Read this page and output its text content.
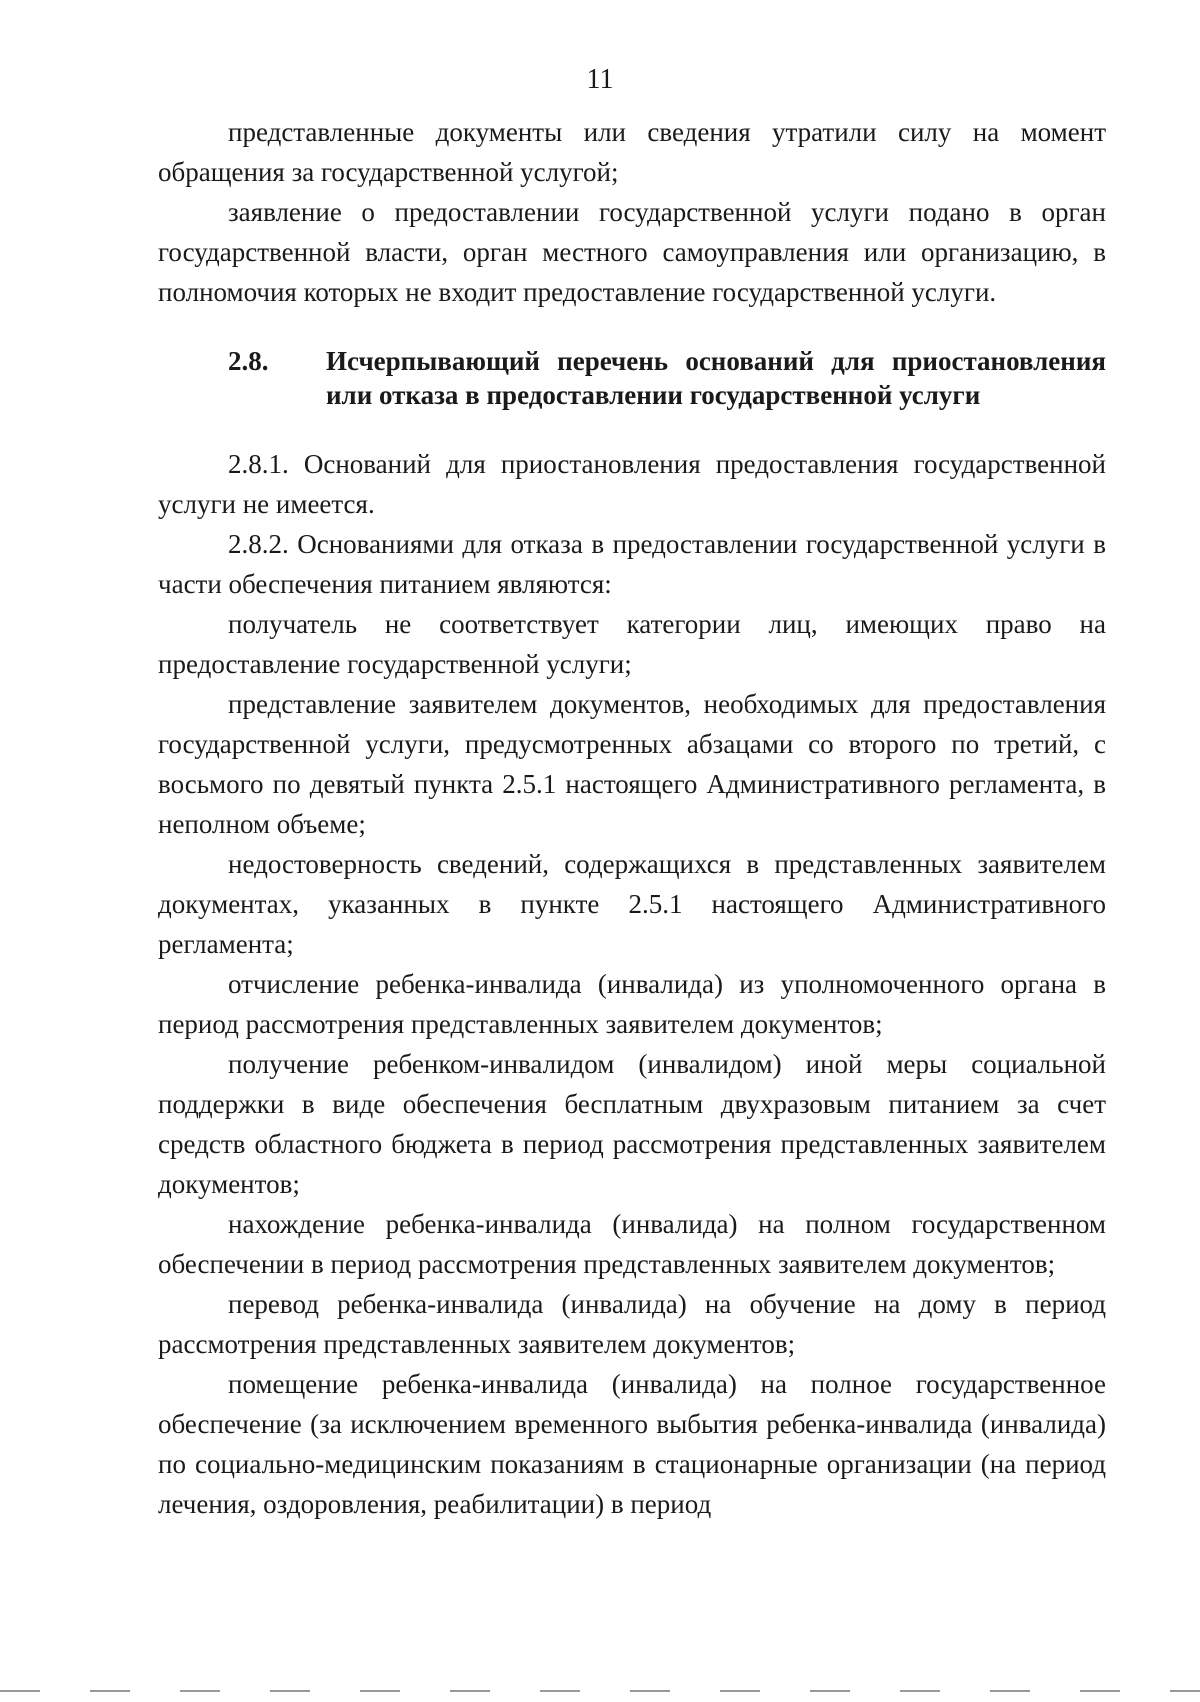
11

представленные документы или сведения утратили силу на момент обращения за государственной услугой;

заявление о предоставлении государственной услуги подано в орган государственной власти, орган местного самоуправления или организацию, в полномочия которых не входит предоставление государственной услуги.

2.8.	Исчерпывающий перечень оснований для приостановления или отказа в предоставлении государственной услуги

2.8.1. Оснований для приостановления предоставления государственной услуги не имеется.

2.8.2. Основаниями для отказа в предоставлении государственной услуги в части обеспечения питанием являются:

получатель не соответствует категории лиц, имеющих право на предоставление государственной услуги;

представление заявителем документов, необходимых для предоставления государственной услуги, предусмотренных абзацами со второго по третий, с восьмого по девятый пункта 2.5.1 настоящего Административного регламента, в неполном объеме;

недостоверность сведений, содержащихся в представленных заявителем документах, указанных в пункте 2.5.1 настоящего Административного регламента;

отчисление ребенка-инвалида (инвалида) из уполномоченного органа в период рассмотрения представленных заявителем документов;

получение ребенком-инвалидом (инвалидом) иной меры социальной поддержки в виде обеспечения бесплатным двухразовым питанием за счет средств областного бюджета в период рассмотрения представленных заявителем документов;

нахождение ребенка-инвалида (инвалида) на полном государственном обеспечении в период рассмотрения представленных заявителем документов;

перевод ребенка-инвалида (инвалида) на обучение на дому в период рассмотрения представленных заявителем документов;

помещение ребенка-инвалида (инвалида) на полное государственное обеспечение (за исключением временного выбытия ребенка-инвалида (инвалида) по социально-медицинским показаниям в стационарные организации (на период лечения, оздоровления, реабилитации) в период
